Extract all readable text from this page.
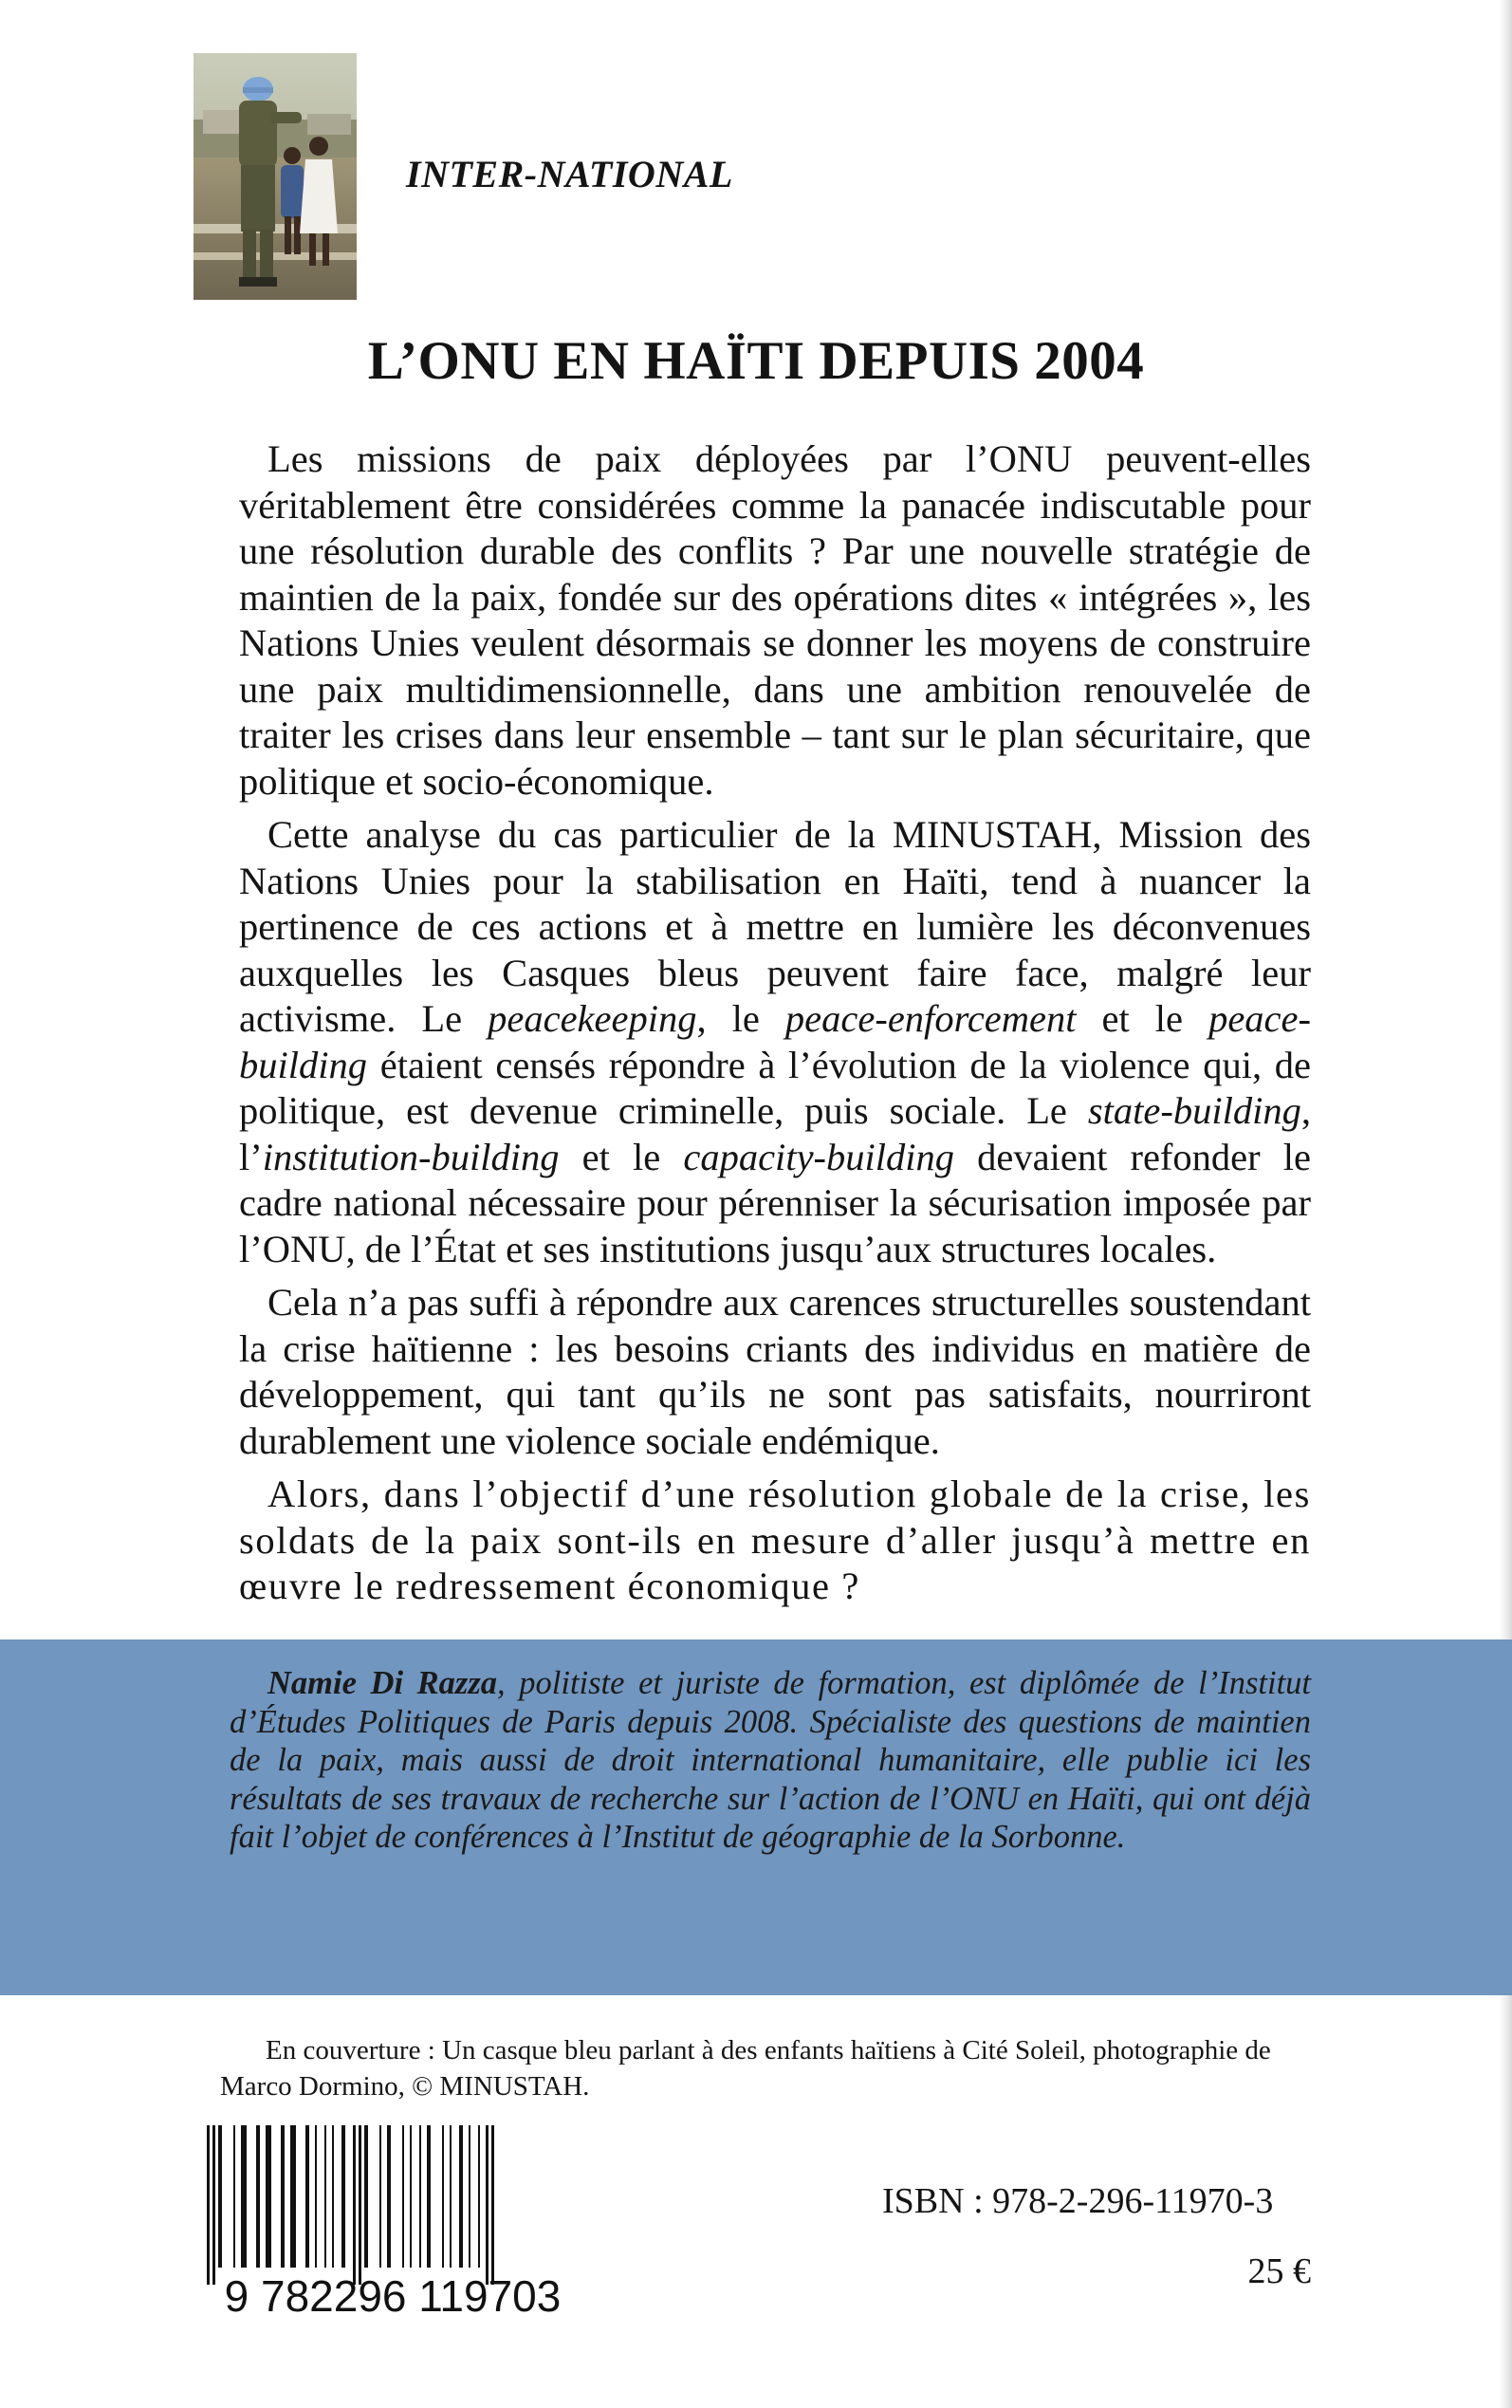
INTER-NATIONAL

L’ONU EN HAÏTI DEPUIS 2004

Les missions de paix déployées par l’ONU peuvent-elles véritablement être considérées comme la panacée indiscutable pour une résolution durable des conflits ? Par une nouvelle stratégie de maintien de la paix, fondée sur des opérations dites « intégrées », les Nations Unies veulent désormais se donner les moyens de construire une paix multidimensionnelle, dans une ambition renouvelée de traiter les crises dans leur ensemble – tant sur le plan sécuritaire, que politique et socio-économique.

Cette analyse du cas particulier de la MINUSTAH, Mission des Nations Unies pour la stabilisation en Haïti, tend à nuancer la pertinence de ces actions et à mettre en lumière les déconvenues auxquelles les Casques bleus peuvent faire face, malgré leur activisme. Le peacekeeping, le peace-enforcement et le peace-building étaient censés répondre à l’évolution de la violence qui, de politique, est devenue criminelle, puis sociale. Le state-building, l’institution-building et le capacity-building devaient refonder le cadre national nécessaire pour pérenniser la sécurisation imposée par l’ONU, de l’État et ses institutions jusqu’aux structures locales.

Cela n’a pas suffi à répondre aux carences structurelles soustendant la crise haïtienne : les besoins criants des individus en matière de développement, qui tant qu’ils ne sont pas satisfaits, nourriront durablement une violence sociale endémique.

Alors, dans l’objectif d’une résolution globale de la crise, les soldats de la paix sont-ils en mesure d’aller jusqu’à mettre en œuvre le redressement économique ?

Namie Di Razza, politiste et juriste de formation, est diplômée de l’Institut d’Études Politiques de Paris depuis 2008. Spécialiste des questions de maintien de la paix, mais aussi de droit international humanitaire, elle publie ici les résultats de ses travaux de recherche sur l’action de l’ONU en Haïti, qui ont déjà fait l’objet de conférences à l’Institut de géographie de la Sorbonne.

En couverture : Un casque bleu parlant à des enfants haïtiens à Cité Soleil, photographie de Marco Dormino, © MINUSTAH.

9 782296 119703

ISBN : 978-2-296-11970-3

25 €
